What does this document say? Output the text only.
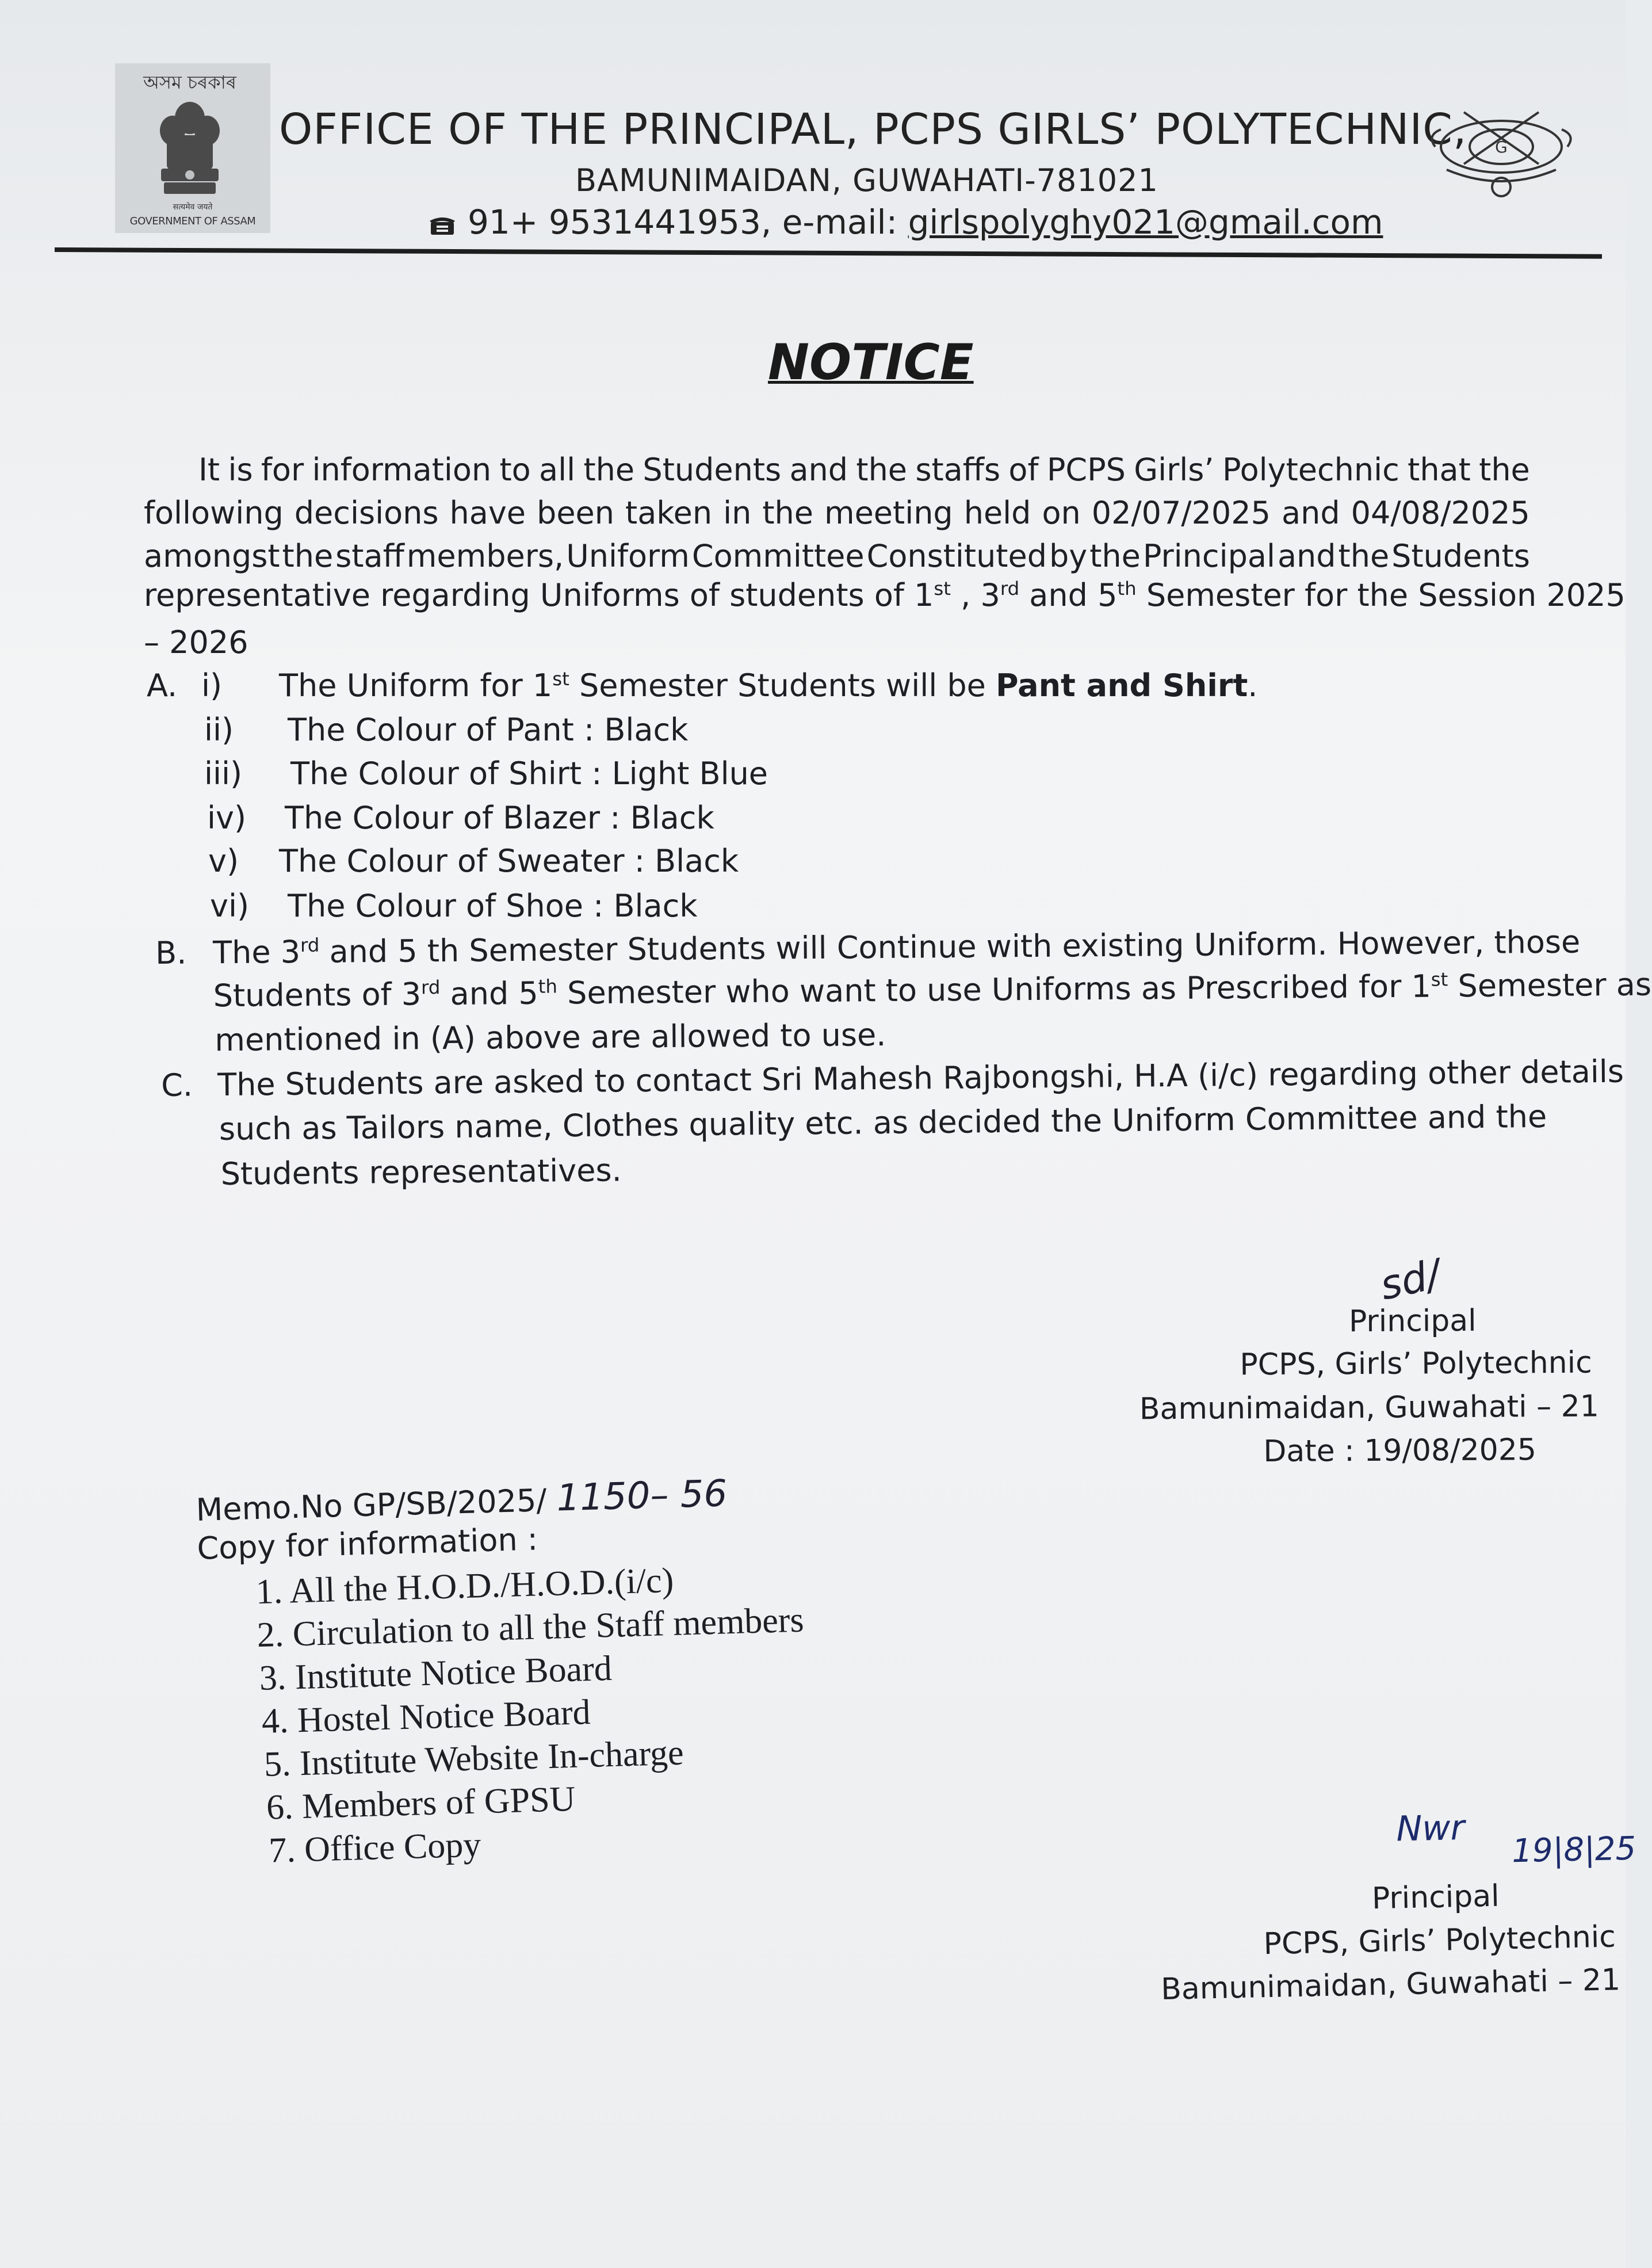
অসম চৰকাৰ
सत्यमेव जयते
GOVERNMENT OF ASSAM
OFFICE OF THE PRINCIPAL, PCPS GIRLS’ POLYTECHNIC,
BAMUNIMAIDAN, GUWAHATI-781021
91+ 9531441953, e-mail: girlspolyghy021@gmail.com
G
NOTICE
It is for information to all the Students and the staffs of PCPS Girls’ Polytechnic that the
following decisions have been taken in the meeting held on 02/07/2025 and 04/08/2025
amongst the staff members, Uniform Committee Constituted by the Principal and the Students
representative regarding Uniforms of students of 1st , 3rd and 5th Semester for the Session 2025
– 2026
A. i) The Uniform for 1st Semester Students will be Pant and Shirt.
ii) The Colour of Pant : Black
iii) The Colour of Shirt : Light Blue
iv) The Colour of Blazer : Black
v) The Colour of Sweater : Black
vi) The Colour of Shoe : Black
B. The 3rd and 5 th Semester Students will Continue with existing Uniform. However, those
Students of 3rd and 5th Semester who want to use Uniforms as Prescribed for 1st Semester as
mentioned in (A) above are allowed to use.
C. The Students are asked to contact Sri Mahesh Rajbongshi, H.A (i/c) regarding other details
such as Tailors name, Clothes quality etc. as decided the Uniform Committee and the
Students representatives.
sd/
Principal
PCPS, Girls’ Polytechnic
Bamunimaidan, Guwahati – 21
Date : 19/08/2025
Memo.No GP/SB/2025/ 1150– 56
Copy for information :
1. All the H.O.D./H.O.D.(i/c)
2. Circulation to all the Staff members
3. Institute Notice Board
4. Hostel Notice Board
5. Institute Website In-charge
6. Members of GPSU
7. Office Copy	Nwr
19|8|25
Principal
PCPS, Girls’ Polytechnic
Bamunimaidan, Guwahati – 21
